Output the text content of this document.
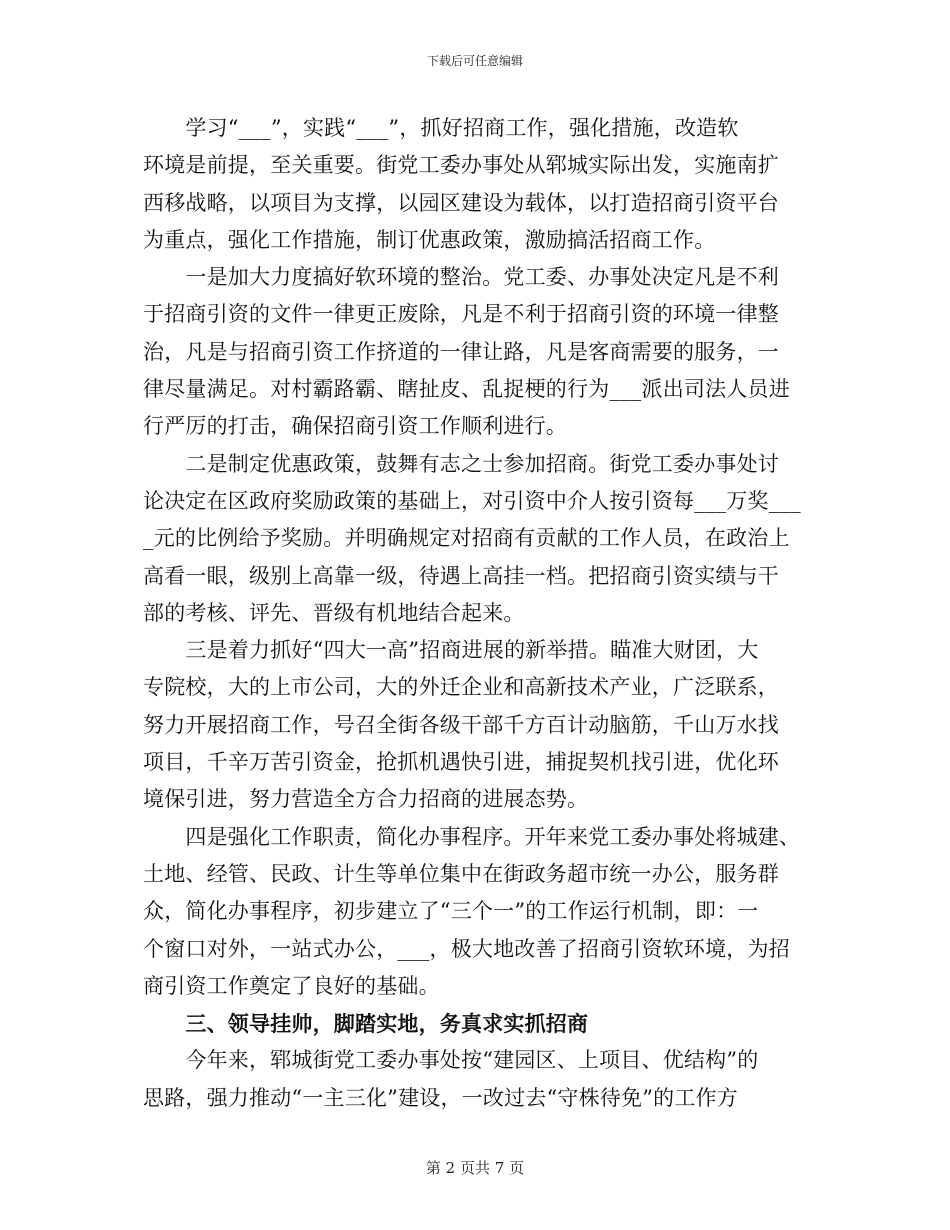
下载后可任意编辑
　　学习“___”，实践“___”，抓好招商工作，强化措施，改造软
环境是前提，至关重要。街党工委办事处从郓城实际出发，实施南扩
西移战略，以项目为支撑，以园区建设为载体，以打造招商引资平台
为重点，强化工作措施，制订优惠政策，激励搞活招商工作。
　　一是加大力度搞好软环境的整治。党工委、办事处决定凡是不利
于招商引资的文件一律更正废除，凡是不利于招商引资的环境一律整
治，凡是与招商引资工作挤道的一律让路，凡是客商需要的服务，一
律尽量满足。对村霸路霸、瞎扯皮、乱捉梗的行为___派出司法人员进
行严厉的打击，确保招商引资工作顺利进行。
　　二是制定优惠政策，鼓舞有志之士参加招商。街党工委办事处讨
论决定在区政府奖励政策的基础上，对引资中介人按引资每___万奖___
_元的比例给予奖励。并明确规定对招商有贡献的工作人员，在政治上
高看一眼，级别上高靠一级，待遇上高挂一档。把招商引资实绩与干
部的考核、评先、晋级有机地结合起来。
　　三是着力抓好“四大一高”招商进展的新举措。瞄准大财团，大
专院校，大的上市公司，大的外迁企业和高新技术产业，广泛联系，
努力开展招商工作，号召全街各级干部千方百计动脑筋，千山万水找
项目，千辛万苦引资金，抢抓机遇快引进，捕捉契机找引进，优化环
境保引进，努力营造全方合力招商的进展态势。
　　四是强化工作职责，简化办事程序。开年来党工委办事处将城建、
土地、经管、民政、计生等单位集中在街政务超市统一办公，服务群
众，简化办事程序，初步建立了“三个一”的工作运行机制，即：一
个窗口对外，一站式办公，___，极大地改善了招商引资软环境，为招
商引资工作奠定了良好的基础。
　　三、领导挂帅，脚踏实地，务真求实抓招商
　　今年来，郓城街党工委办事处按“建园区、上项目、优结构”的
思路，强力推动“一主三化”建设，一改过去“守株待免”的工作方
第 2 页共 7 页
